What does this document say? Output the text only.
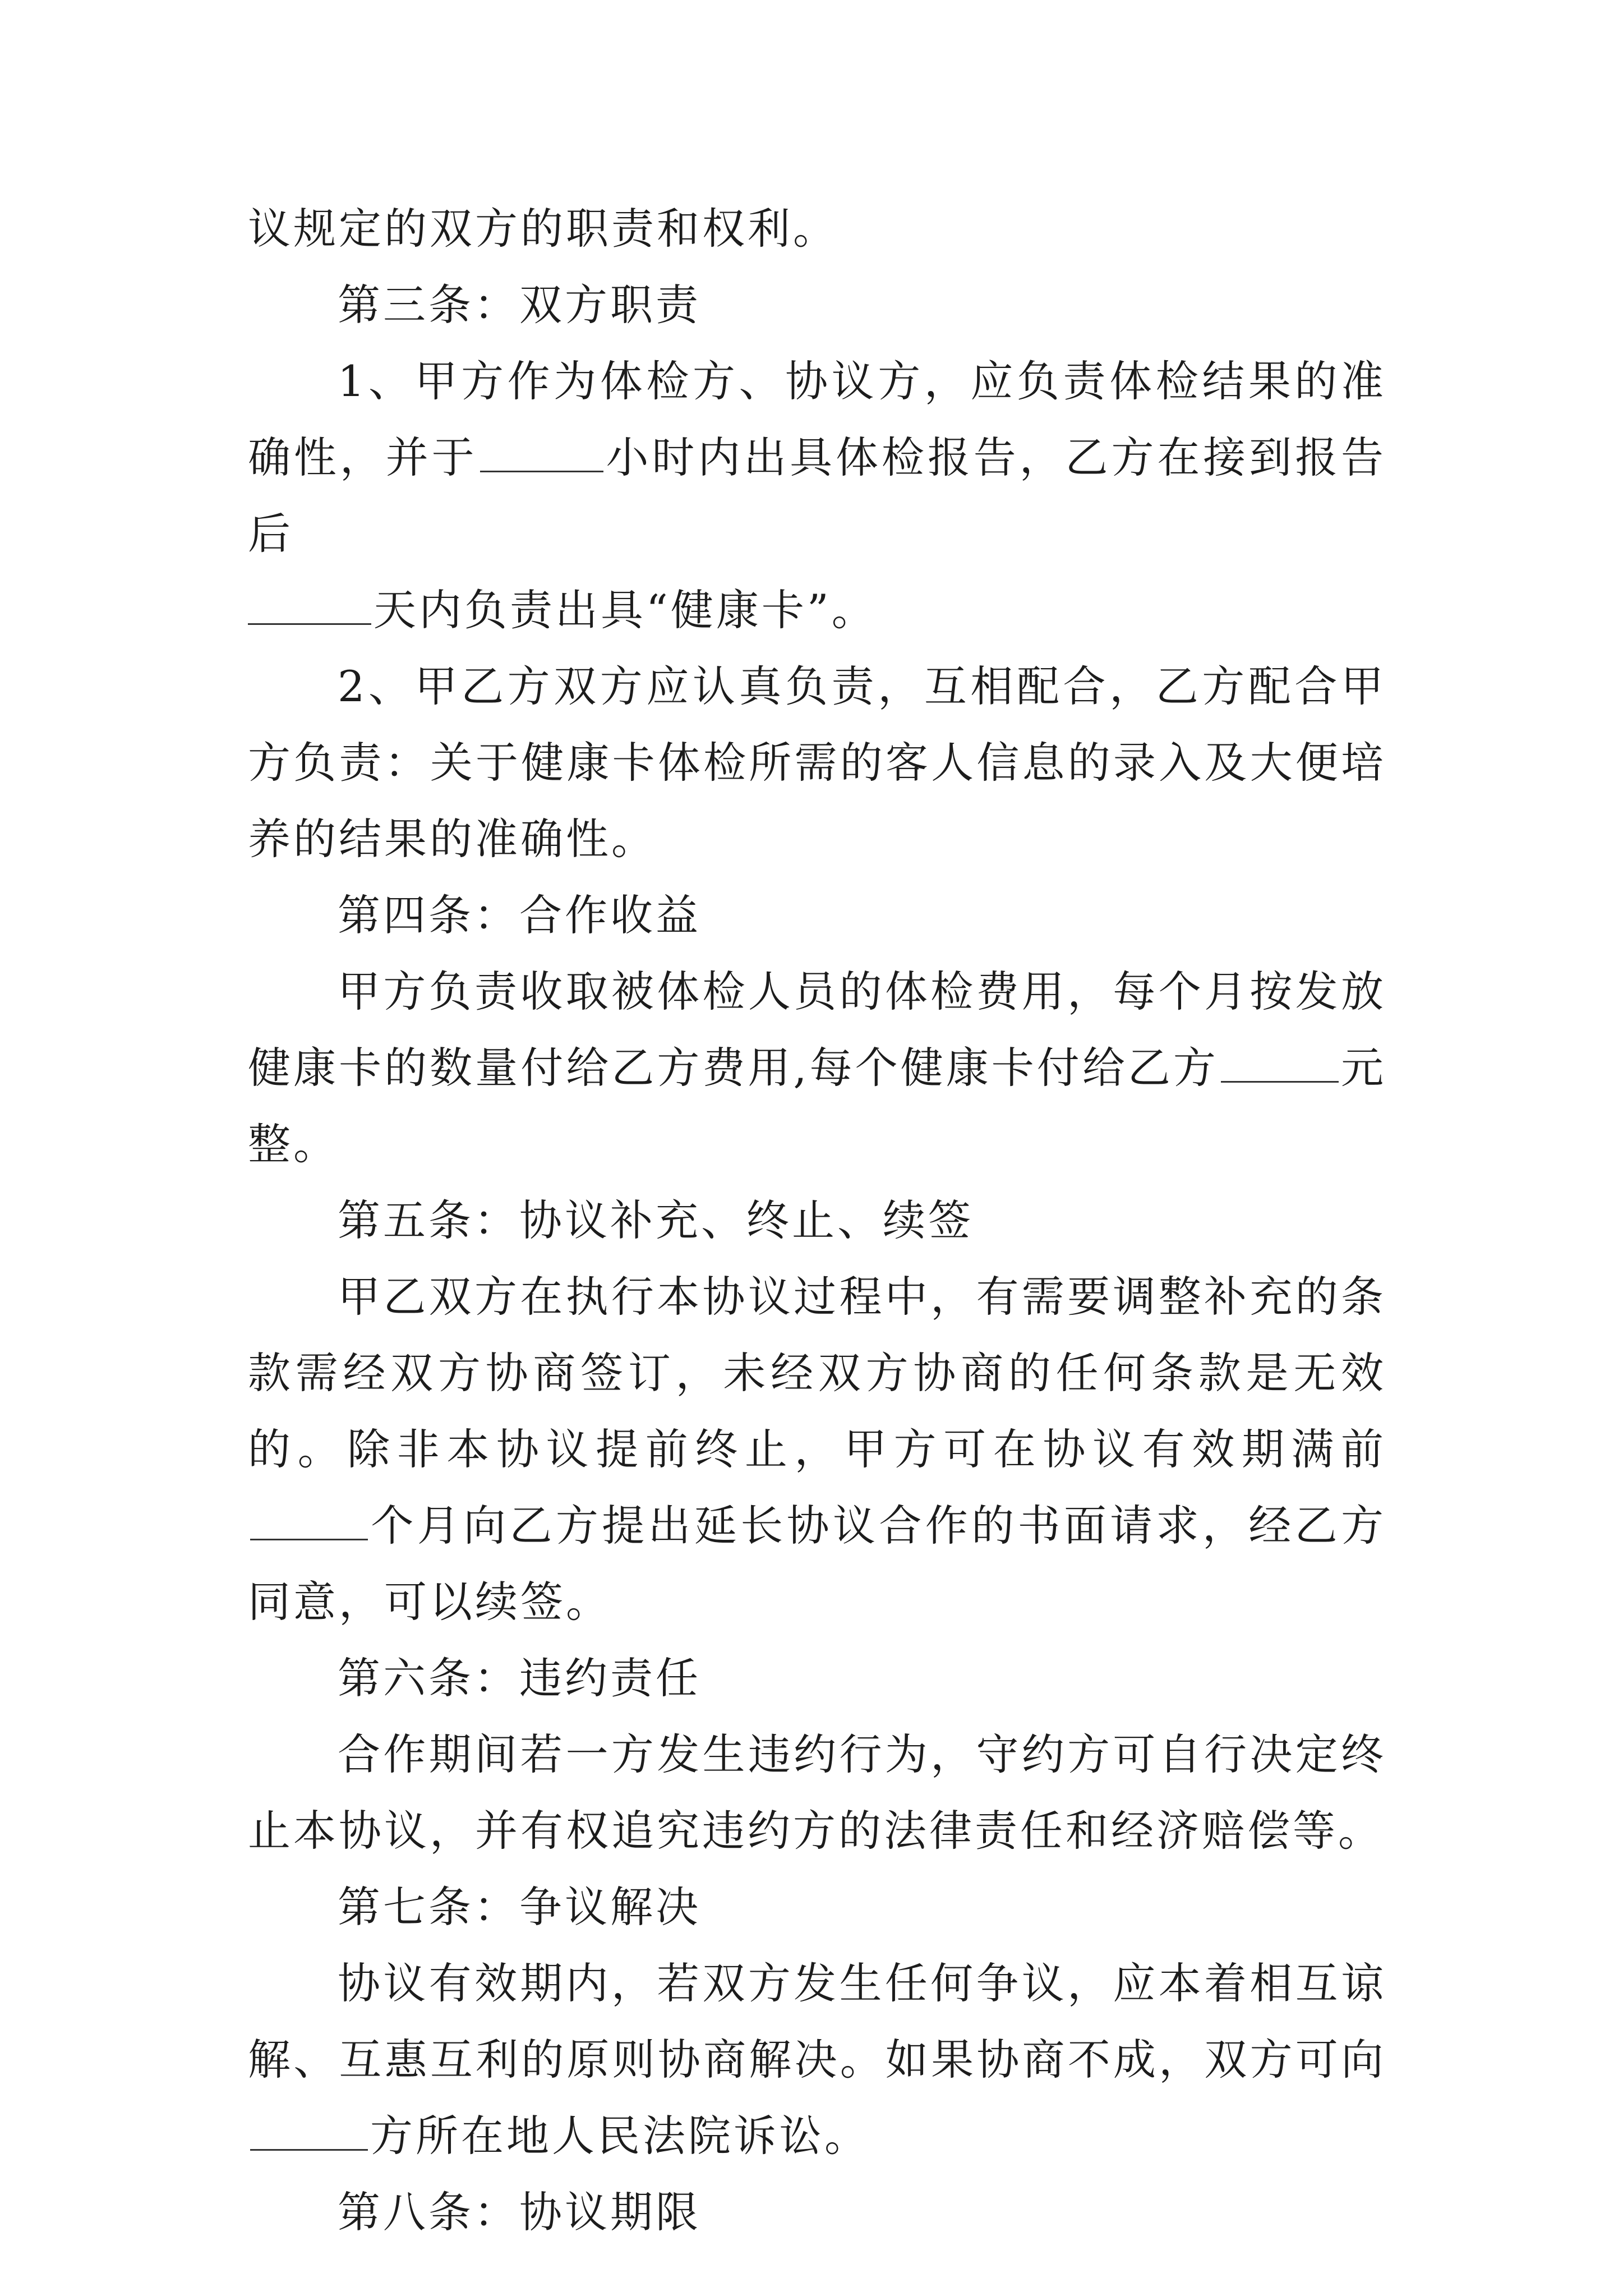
议规定的双方的职责和权利。

第三条：双方职责

1、甲方作为体检方、协议方，应负责体检结果的准确性，并于	小时内出具体检报告，乙方在接到报告后
天内负责出具“健康卡”。

2、甲乙方双方应认真负责，互相配合，乙方配合甲方负责：关于健康卡体检所需的客人信息的录入及大便培养的结果的准确性。

第四条：合作收益

甲方负责收取被体检人员的体检费用，每个月按发放健康卡的数量付给乙方费用,每个健康卡付给乙方	元整。

第五条：协议补充、终止、续签

甲乙双方在执行本协议过程中，有需要调整补充的条款需经双方协商签订，未经双方协商的任何条款是无效的。除非本协议提前终止，甲方可在协议有效期满前个月向乙方提出延长协议合作的书面请求，经乙方同意，可以续签。

第六条：违约责任

合作期间若一方发生违约行为，守约方可自行决定终止本协议，并有权追究违约方的法律责任和经济赔偿等。

第七条：争议解决

协议有效期内，若双方发生任何争议，应本着相互谅解、互惠互利的原则协商解决。如果协商不成，双方可向方所在地人民法院诉讼。

第八条：协议期限
